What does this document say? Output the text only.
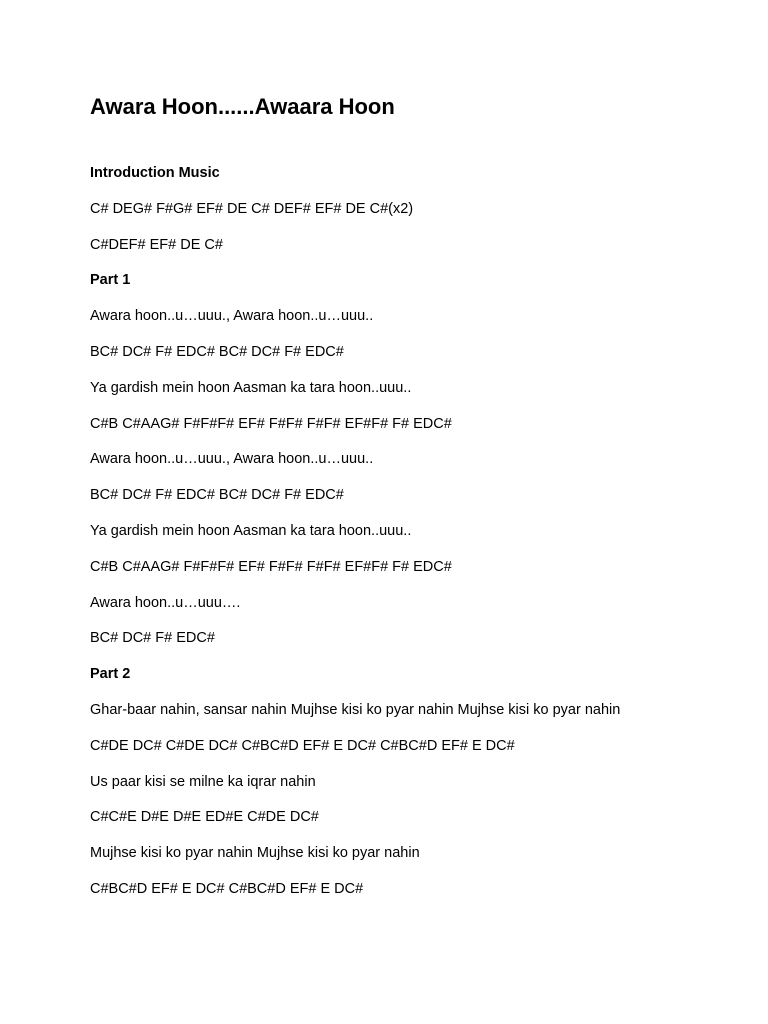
Awara Hoon......Awaara Hoon
Introduction Music
C# DEG# F#G# EF# DE C# DEF# EF# DE C#(x2)
C#DEF# EF# DE C#
Part 1
Awara hoon..u…uuu., Awara hoon..u…uuu..
BC# DC# F# EDC# BC# DC# F# EDC#
Ya gardish mein hoon Aasman ka tara hoon..uuu..
C#B C#AAG# F#F#F# EF# F#F# F#F# EF#F# F# EDC#
Awara hoon..u…uuu., Awara hoon..u…uuu..
BC# DC# F# EDC# BC# DC# F# EDC#
Ya gardish mein hoon Aasman ka tara hoon..uuu..
C#B C#AAG# F#F#F# EF# F#F# F#F# EF#F# F# EDC#
Awara hoon..u…uuu….
BC# DC# F# EDC#
Part 2
Ghar-baar nahin, sansar nahin Mujhse kisi ko pyar nahin Mujhse kisi ko pyar nahin
C#DE DC# C#DE DC# C#BC#D EF# E DC# C#BC#D EF# E DC#
Us paar kisi se milne ka iqrar nahin
C#C#E D#E D#E ED#E C#DE DC#
Mujhse kisi ko pyar nahin Mujhse kisi ko pyar nahin
C#BC#D EF# E DC# C#BC#D EF# E DC#
